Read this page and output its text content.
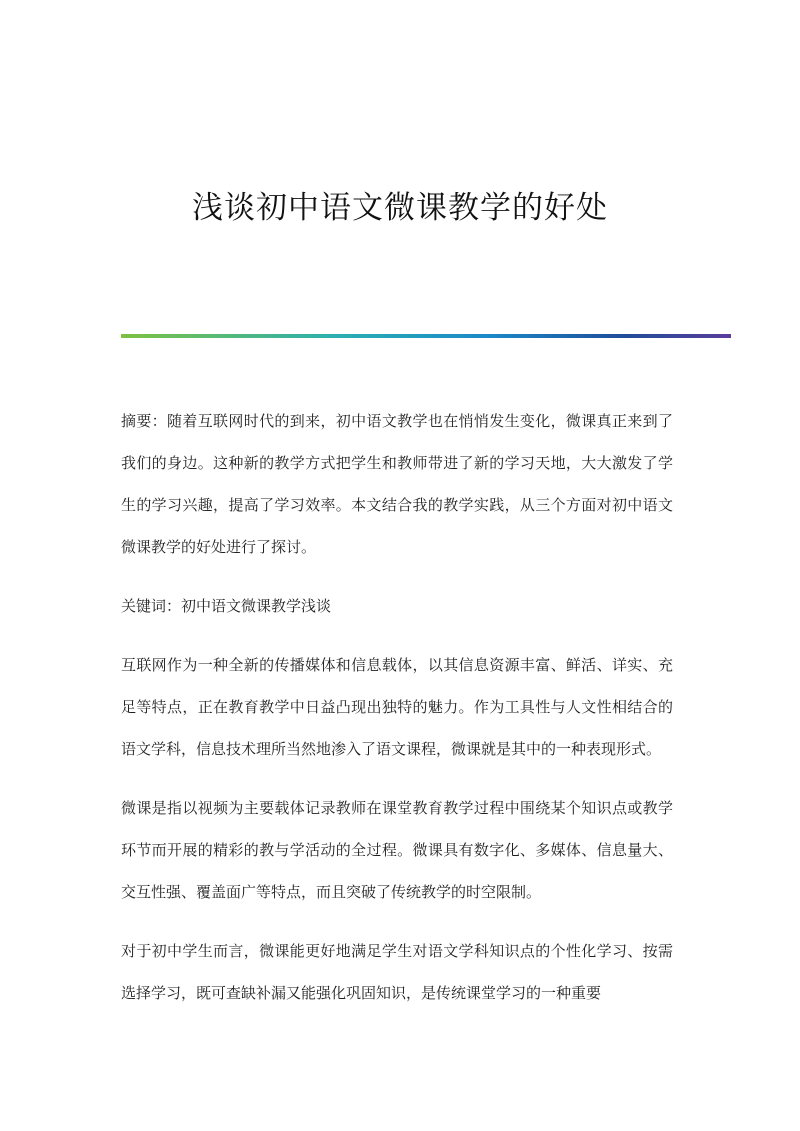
浅谈初中语文微课教学的好处

摘要：随着互联网时代的到来，初中语文教学也在悄悄发生变化，微课真正来到了我们的身边。这种新的教学方式把学生和教师带进了新的学习天地，大大激发了学生的学习兴趣，提高了学习效率。本文结合我的教学实践，从三个方面对初中语文微课教学的好处进行了探讨。

关键词：初中语文微课教学浅谈

互联网作为一种全新的传播媒体和信息载体，以其信息资源丰富、鲜活、详实、充足等特点，正在教育教学中日益凸现出独特的魅力。作为工具性与人文性相结合的语文学科，信息技术理所当然地渗入了语文课程，微课就是其中的一种表现形式。

微课是指以视频为主要载体记录教师在课堂教育教学过程中围绕某个知识点或教学环节而开展的精彩的教与学活动的全过程。微课具有数字化、多媒体、信息量大、交互性强、覆盖面广等特点，而且突破了传统教学的时空限制。

对于初中学生而言，微课能更好地满足学生对语文学科知识点的个性化学习、按需选择学习，既可查缺补漏又能强化巩固知识，是传统课堂学习的一种重要
